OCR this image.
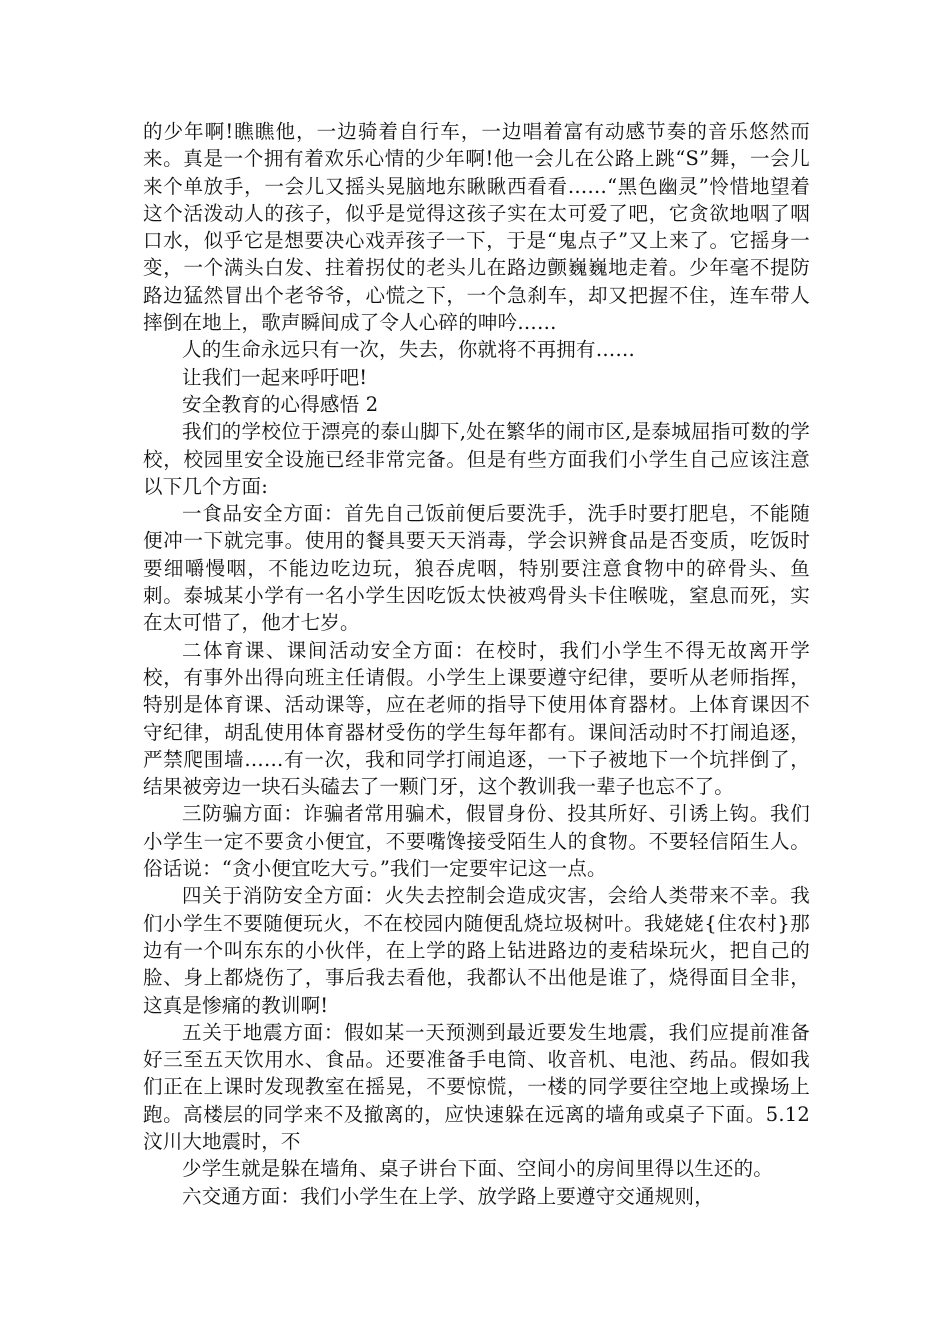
的少年啊!瞧瞧他，一边骑着自行车，一边唱着富有动感节奏的音乐悠然而来。真是一个拥有着欢乐心情的少年啊!他一会儿在公路上跳“S”舞，一会儿来个单放手，一会儿又摇头晃脑地东瞅瞅西看看……“黑色幽灵”怜惜地望着这个活泼动人的孩子，似乎是觉得这孩子实在太可爱了吧，它贪欲地咽了咽口水，似乎它是想要决心戏弄孩子一下，于是“鬼点子”又上来了。它摇身一变，一个满头白发、拄着拐仗的老头儿在路边颤巍巍地走着。少年毫不提防路边猛然冒出个老爷爷，心慌之下，一个急刹车，却又把握不住，连车带人摔倒在地上，歌声瞬间成了令人心碎的呻吟……

人的生命永远只有一次，失去，你就将不再拥有……

让我们一起来呼吁吧!

安全教育的心得感悟 2

我们的学校位于漂亮的泰山脚下,处在繁华的闹市区,是泰城屈指可数的学校，校园里安全设施已经非常完备。但是有些方面我们小学生自己应该注意以下几个方面:

一食品安全方面：首先自己饭前便后要洗手，洗手时要打肥皂，不能随便冲一下就完事。使用的餐具要天天消毒，学会识辨食品是否变质，吃饭时要细嚼慢咽，不能边吃边玩，狼吞虎咽，特别要注意食物中的碎骨头、鱼刺。泰城某小学有一名小学生因吃饭太快被鸡骨头卡住喉咙，窒息而死，实在太可惜了，他才七岁。

二体育课、课间活动安全方面：在校时，我们小学生不得无故离开学校，有事外出得向班主任请假。小学生上课要遵守纪律，要听从老师指挥，特别是体育课、活动课等，应在老师的指导下使用体育器材。上体育课因不守纪律，胡乱使用体育器材受伤的学生每年都有。课间活动时不打闹追逐，严禁爬围墙……有一次，我和同学打闹追逐，一下子被地下一个坑拌倒了，结果被旁边一块石头磕去了一颗门牙，这个教训我一辈子也忘不了。

三防骗方面：诈骗者常用骗术，假冒身份、投其所好、引诱上钩。我们小学生一定不要贪小便宜，不要嘴馋接受陌生人的食物。不要轻信陌生人。俗话说：“贪小便宜吃大亏。”我们一定要牢记这一点。

四关于消防安全方面：火失去控制会造成灾害，会给人类带来不幸。我们小学生不要随便玩火，不在校园内随便乱烧垃圾树叶。我姥姥{住农村}那边有一个叫东东的小伙伴，在上学的路上钻进路边的麦秸垛玩火，把自己的脸、身上都烧伤了，事后我去看他，我都认不出他是谁了，烧得面目全非，这真是惨痛的教训啊!

五关于地震方面：假如某一天预测到最近要发生地震，我们应提前准备好三至五天饮用水、食品。还要准备手电筒、收音机、电池、药品。假如我们正在上课时发现教室在摇晃，不要惊慌，一楼的同学要往空地上或操场上跑。高楼层的同学来不及撤离的，应快速躲在远离的墙角或桌子下面。5.12汶川大地震时，不

少学生就是躲在墙角、桌子讲台下面、空间小的房间里得以生还的。

六交通方面：我们小学生在上学、放学路上要遵守交通规则，
